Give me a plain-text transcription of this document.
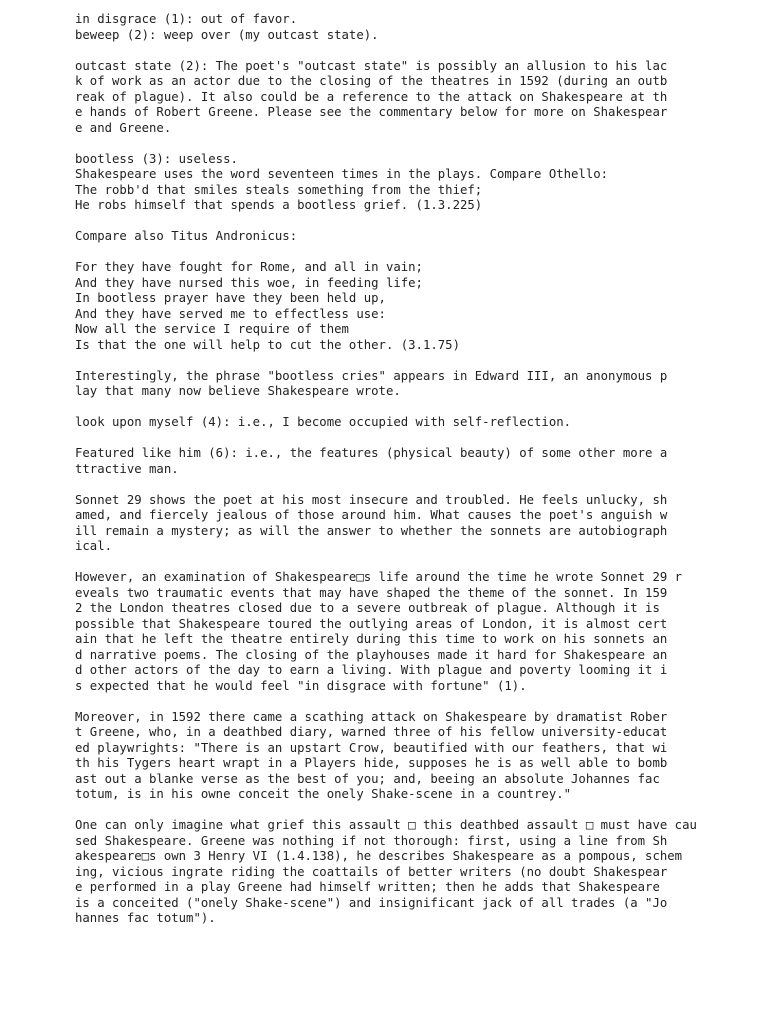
in disgrace (1): out of favor.
beweep (2): weep over (my outcast state).
outcast state (2): The poet's "outcast state" is possibly an allusion to his lac
k of work as an actor due to the closing of the theatres in 1592 (during an outb
reak of plague). It also could be a reference to the attack on Shakespeare at th
e hands of Robert Greene. Please see the commentary below for more on Shakespear
e and Greene.
bootless (3): useless.
Shakespeare uses the word seventeen times in the plays. Compare Othello:
The robb'd that smiles steals something from the thief;
He robs himself that spends a bootless grief. (1.3.225)
Compare also Titus Andronicus:
For they have fought for Rome, and all in vain;
And they have nursed this woe, in feeding life;
In bootless prayer have they been held up,
And they have served me to effectless use:
Now all the service I require of them
Is that the one will help to cut the other. (3.1.75)
Interestingly, the phrase "bootless cries" appears in Edward III, an anonymous p
lay that many now believe Shakespeare wrote.
look upon myself (4): i.e., I become occupied with self-reflection.
Featured like him (6): i.e., the features (physical beauty) of some other more a
ttractive man.
Sonnet 29 shows the poet at his most insecure and troubled. He feels unlucky, sh
amed, and fiercely jealous of those around him. What causes the poet's anguish w
ill remain a mystery; as will the answer to whether the sonnets are autobiograph
ical.
However, an examination of Shakespeare□s life around the time he wrote Sonnet 29 r
eveals two traumatic events that may have shaped the theme of the sonnet. In 159
2 the London theatres closed due to a severe outbreak of plague. Although it is
possible that Shakespeare toured the outlying areas of London, it is almost cert
ain that he left the theatre entirely during this time to work on his sonnets an
d narrative poems. The closing of the playhouses made it hard for Shakespeare an
d other actors of the day to earn a living. With plague and poverty looming it i
s expected that he would feel "in disgrace with fortune" (1).
Moreover, in 1592 there came a scathing attack on Shakespeare by dramatist Rober
t Greene, who, in a deathbed diary, warned three of his fellow university-educat
ed playwrights: "There is an upstart Crow, beautified with our feathers, that wi
th his Tygers heart wrapt in a Players hide, supposes he is as well able to bomb
ast out a blanke verse as the best of you; and, beeing an absolute Johannes fac
totum, is in his owne conceit the onely Shake-scene in a countrey."
One can only imagine what grief this assault □ this deathbed assault □ must have cau
sed Shakespeare. Greene was nothing if not thorough: first, using a line from Sh
akespeare□s own 3 Henry VI (1.4.138), he describes Shakespeare as a pompous, schem
ing, vicious ingrate riding the coattails of better writers (no doubt Shakespear
e performed in a play Greene had himself written; then he adds that Shakespeare
is a conceited ("onely Shake-scene") and insignificant jack of all trades (a "Jo
hannes fac totum").
